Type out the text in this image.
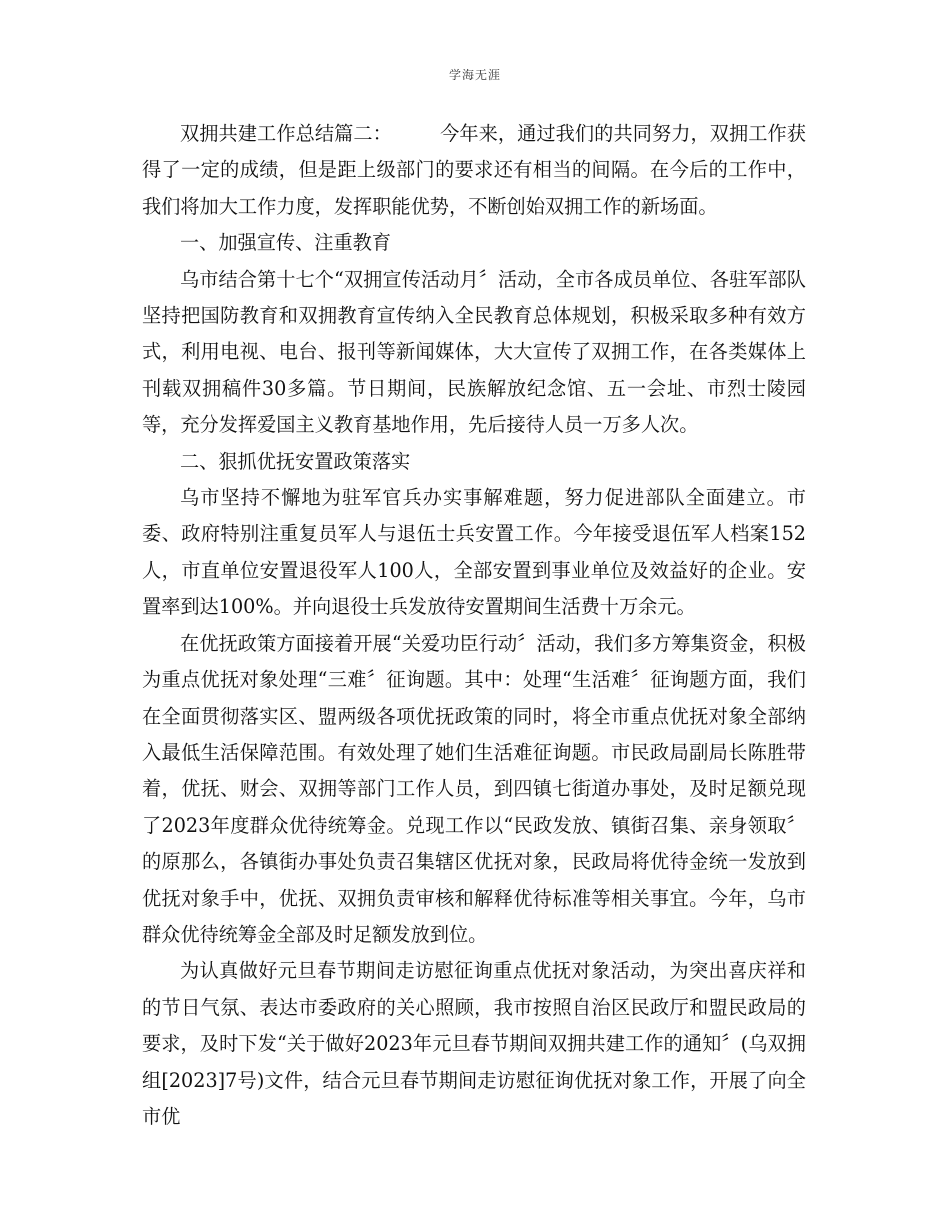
学海无涯

双拥共建工作总结篇二：　　　今年来，通过我们的共同努力，双拥工作获得了一定的成绩，但是距上级部门的要求还有相当的间隔。在今后的工作中，我们将加大工作力度，发挥职能优势，不断创始双拥工作的新场面。

一、加强宣传、注重教育

乌市结合第十七个“双拥宣传活动月〞活动，全市各成员单位、各驻军部队坚持把国防教育和双拥教育宣传纳入全民教育总体规划，积极采取多种有效方式，利用电视、电台、报刊等新闻媒体，大大宣传了双拥工作，在各类媒体上刊载双拥稿件30多篇。节日期间，民族解放纪念馆、五一会址、市烈士陵园等，充分发挥爱国主义教育基地作用，先后接待人员一万多人次。

二、狠抓优抚安置政策落实

乌市坚持不懈地为驻军官兵办实事解难题，努力促进部队全面建立。市委、政府特别注重复员军人与退伍士兵安置工作。今年接受退伍军人档案152人，市直单位安置退役军人100人，全部安置到事业单位及效益好的企业。安置率到达100%。并向退役士兵发放待安置期间生活费十万余元。

在优抚政策方面接着开展“关爱功臣行动〞活动，我们多方筹集资金，积极为重点优抚对象处理“三难〞征询题。其中：处理“生活难〞征询题方面，我们在全面贯彻落实区、盟两级各项优抚政策的同时，将全市重点优抚对象全部纳入最低生活保障范围。有效处理了她们生活难征询题。市民政局副局长陈胜带着，优抚、财会、双拥等部门工作人员，到四镇七街道办事处，及时足额兑现了2023年度群众优待统筹金。兑现工作以“民政发放、镇街召集、亲身领取〞的原那么，各镇街办事处负责召集辖区优抚对象，民政局将优待金统一发放到优抚对象手中，优抚、双拥负责审核和解释优待标准等相关事宜。今年，乌市群众优待统筹金全部及时足额发放到位。

为认真做好元旦春节期间走访慰征询重点优抚对象活动，为突出喜庆祥和的节日气氛、表达市委政府的关心照顾，我市按照自治区民政厅和盟民政局的要求，及时下发“关于做好2023年元旦春节期间双拥共建工作的通知〞(乌双拥组[2023]7号)文件，结合元旦春节期间走访慰征询优抚对象工作，开展了向全市优
